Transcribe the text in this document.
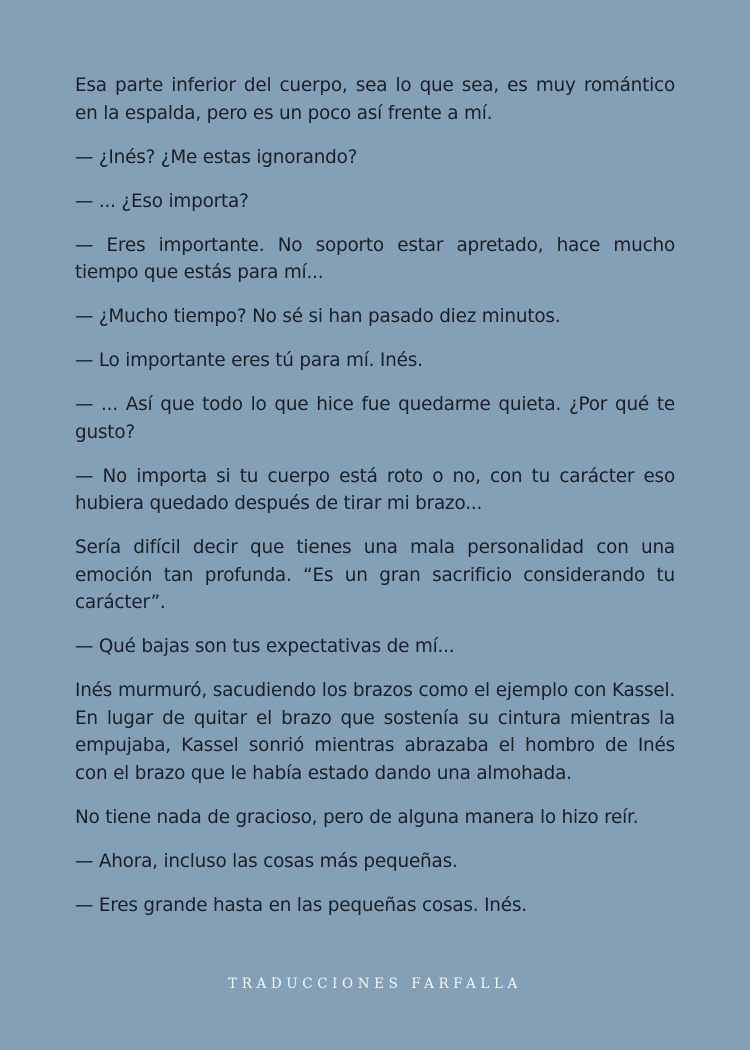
Esa parte inferior del cuerpo, sea lo que sea, es muy romántico en la espalda, pero es un poco así frente a mí.

— ¿Inés? ¿Me estas ignorando?

— ... ¿Eso importa?

— Eres importante. No soporto estar apretado, hace mucho tiempo que estás para mí...

— ¿Mucho tiempo? No sé si han pasado diez minutos.

— Lo importante eres tú para mí. Inés.

— ... Así que todo lo que hice fue quedarme quieta. ¿Por qué te gusto?

— No importa si tu cuerpo está roto o no, con tu carácter eso hubiera quedado después de tirar mi brazo...

Sería difícil decir que tienes una mala personalidad con una emoción tan profunda. “Es un gran sacrificio considerando tu carácter”.

— Qué bajas son tus expectativas de mí...

Inés murmuró, sacudiendo los brazos como el ejemplo con Kassel. En lugar de quitar el brazo que sostenía su cintura mientras la empujaba, Kassel sonrió mientras abrazaba el hombro de Inés con el brazo que le había estado dando una almohada.

No tiene nada de gracioso, pero de alguna manera lo hizo reír.

— Ahora, incluso las cosas más pequeñas.

— Eres grande hasta en las pequeñas cosas. Inés.

TRADUCCIONES FARFALLA
